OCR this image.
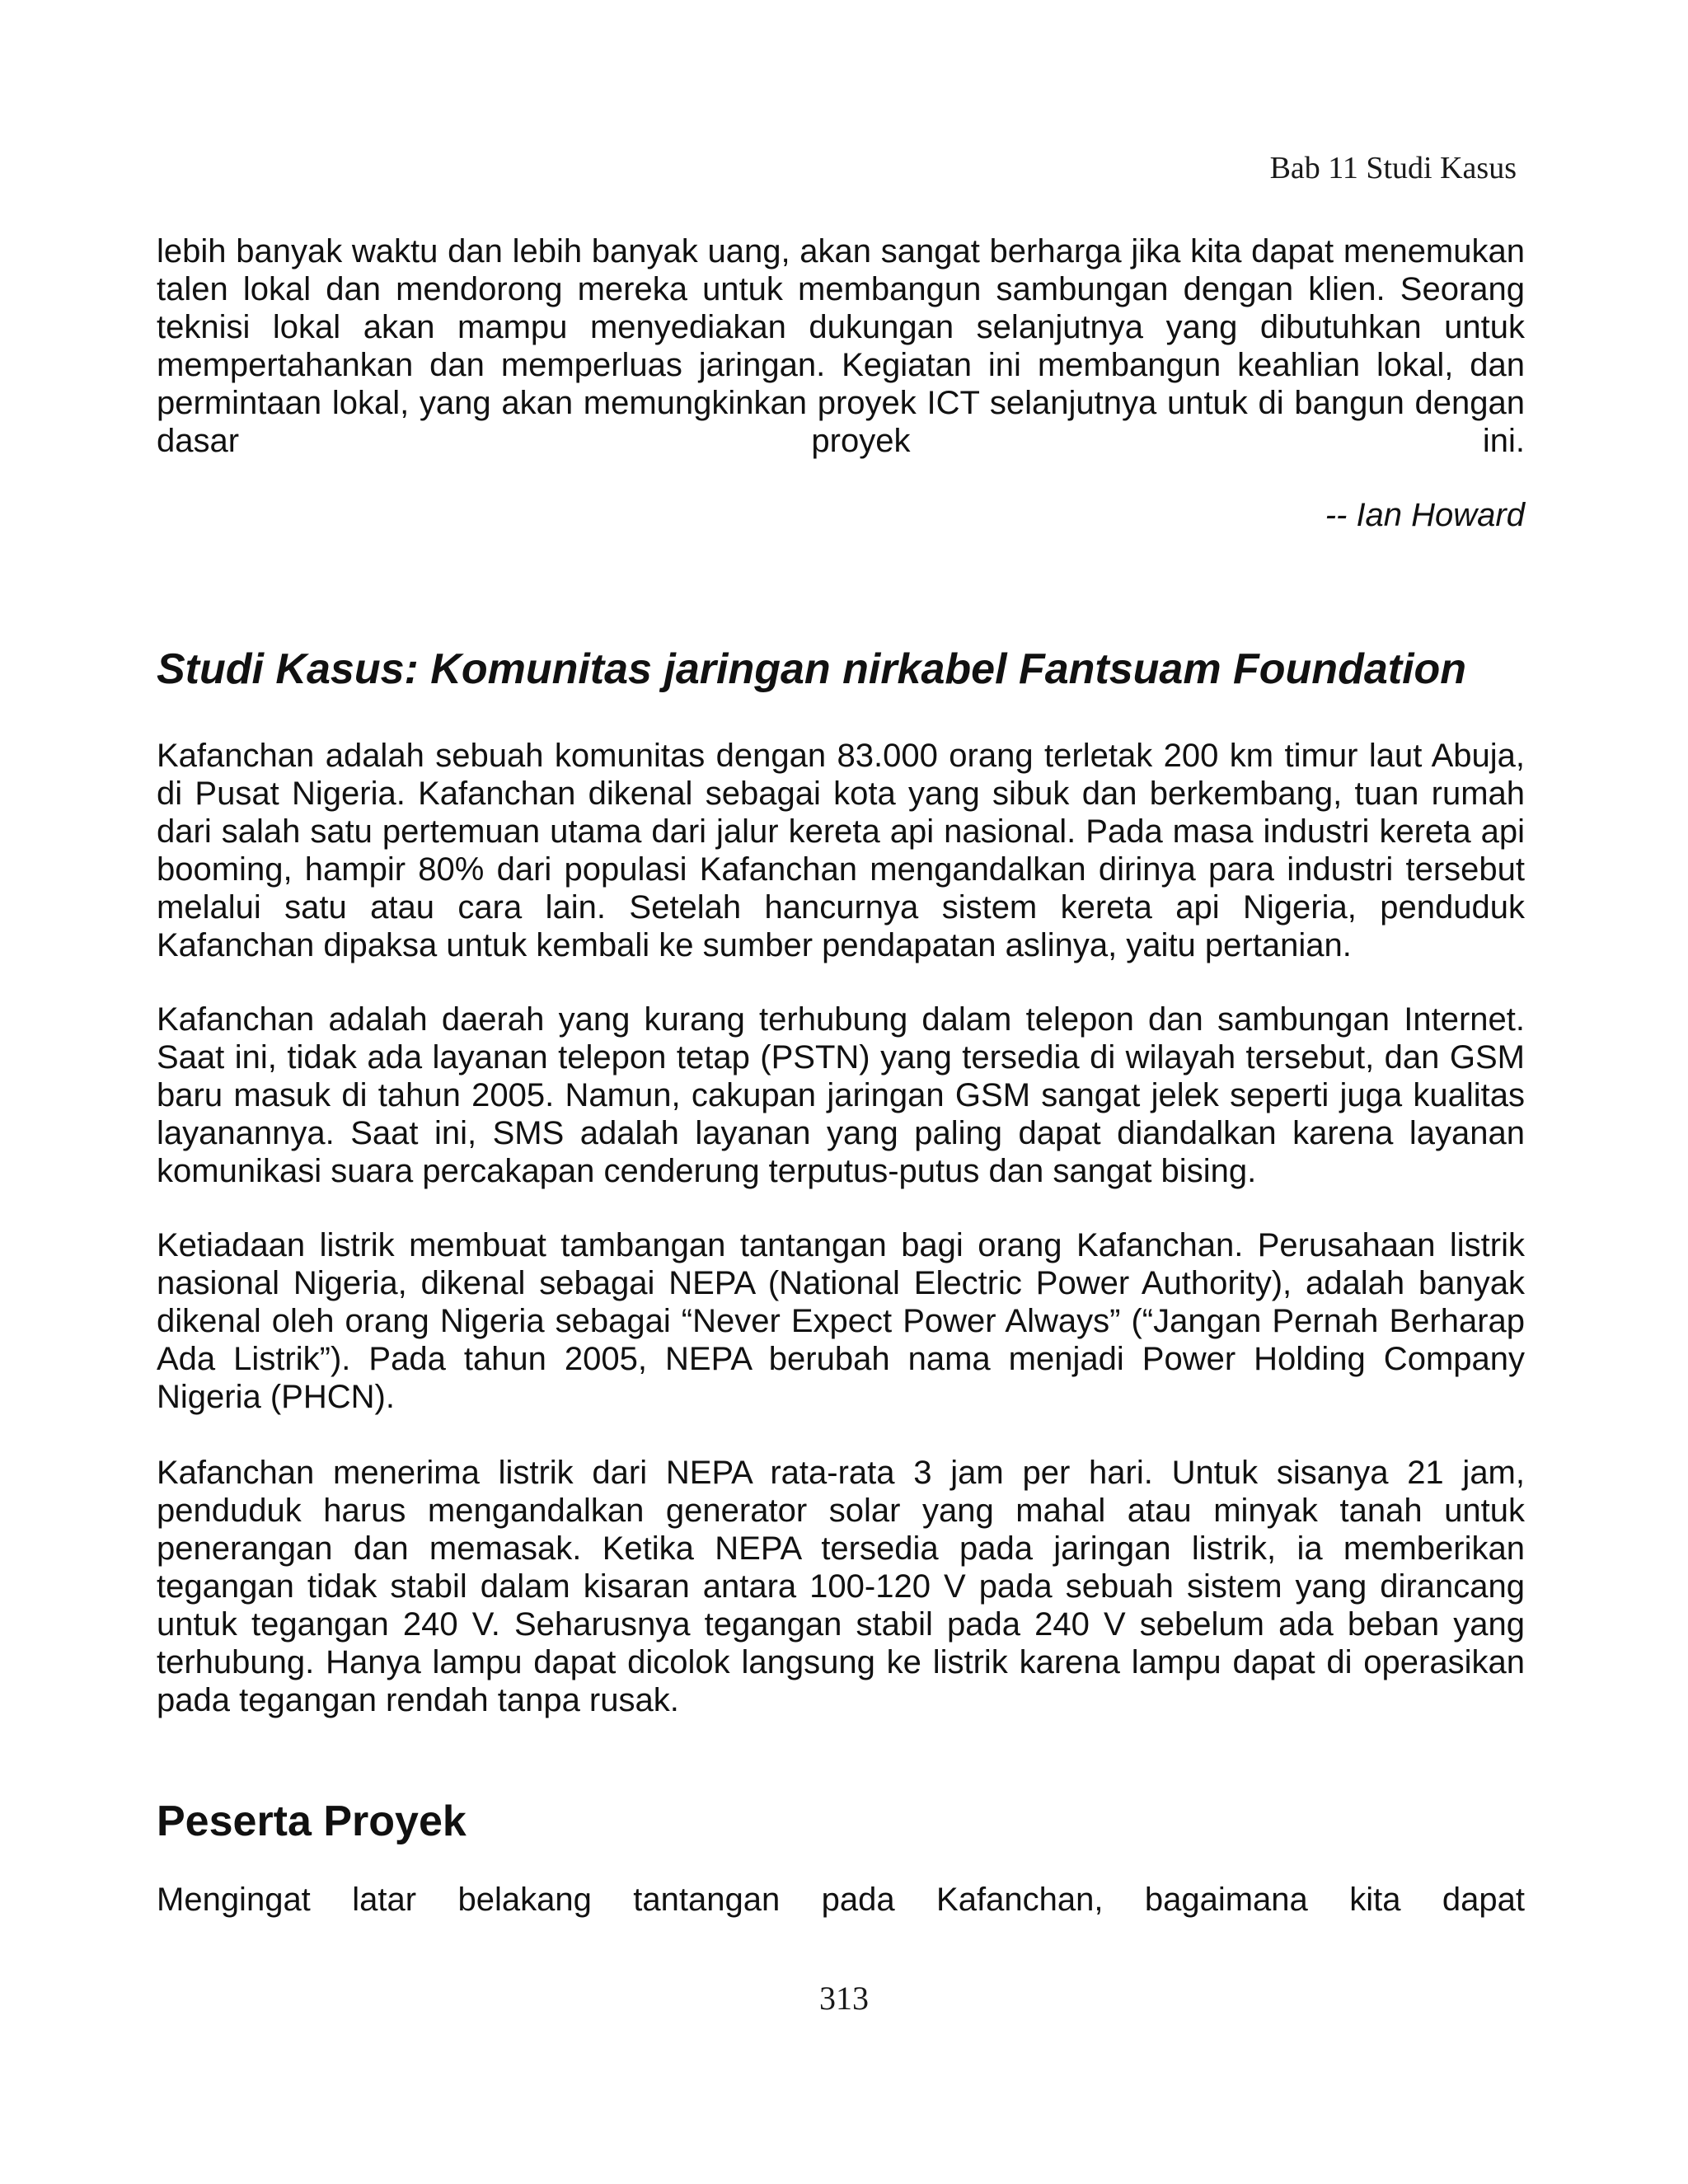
Bab 11 Studi Kasus

lebih banyak waktu dan lebih banyak uang, akan sangat berharga jika kita dapat menemukan talen lokal dan mendorong mereka untuk membangun sambungan dengan klien. Seorang teknisi lokal akan mampu menyediakan dukungan selanjutnya yang dibutuhkan untuk mempertahankan dan memperluas jaringan. Kegiatan ini membangun keahlian lokal, dan permintaan lokal, yang akan memungkinkan proyek ICT selanjutnya untuk di bangun dengan dasar proyek ini.

-- Ian Howard
Studi Kasus: Komunitas jaringan nirkabel Fantsuam Foundation

Kafanchan adalah sebuah komunitas dengan 83.000 orang terletak 200 km timur laut Abuja, di Pusat Nigeria. Kafanchan dikenal sebagai kota yang sibuk dan berkembang, tuan rumah dari salah satu pertemuan utama dari jalur kereta api nasional. Pada masa industri kereta api booming, hampir 80% dari populasi Kafanchan mengandalkan dirinya para industri tersebut melalui satu atau cara lain. Setelah hancurnya sistem kereta api Nigeria, penduduk Kafanchan dipaksa untuk kembali ke sumber pendapatan aslinya, yaitu pertanian.

Kafanchan adalah daerah yang kurang terhubung dalam telepon dan sambungan Internet. Saat ini, tidak ada layanan telepon tetap (PSTN) yang tersedia di wilayah tersebut, dan GSM baru masuk di tahun 2005. Namun, cakupan jaringan GSM sangat jelek seperti juga kualitas layanannya. Saat ini, SMS adalah layanan yang paling dapat diandalkan karena layanan komunikasi suara percakapan cenderung terputus-putus dan sangat bising.

Ketiadaan listrik membuat tambangan tantangan bagi orang Kafanchan. Perusahaan listrik nasional Nigeria, dikenal sebagai NEPA (National Electric Power Authority), adalah banyak dikenal oleh orang Nigeria sebagai “Never Expect Power Always” (“Jangan Pernah Berharap Ada Listrik”). Pada tahun 2005, NEPA berubah nama menjadi Power Holding Company Nigeria (PHCN).

Kafanchan menerima listrik dari NEPA rata-rata 3 jam per hari. Untuk sisanya 21 jam, penduduk harus mengandalkan generator solar yang mahal atau minyak tanah untuk penerangan dan memasak. Ketika NEPA tersedia pada jaringan listrik, ia memberikan tegangan tidak stabil dalam kisaran antara 100-120 V pada sebuah sistem yang dirancang untuk tegangan 240 V. Seharusnya tegangan stabil pada 240 V sebelum ada beban yang terhubung. Hanya lampu dapat dicolok langsung ke listrik karena lampu dapat di operasikan pada tegangan rendah tanpa rusak.

Peserta Proyek

Mengingat latar belakang tantangan pada Kafanchan, bagaimana kita dapat

313
